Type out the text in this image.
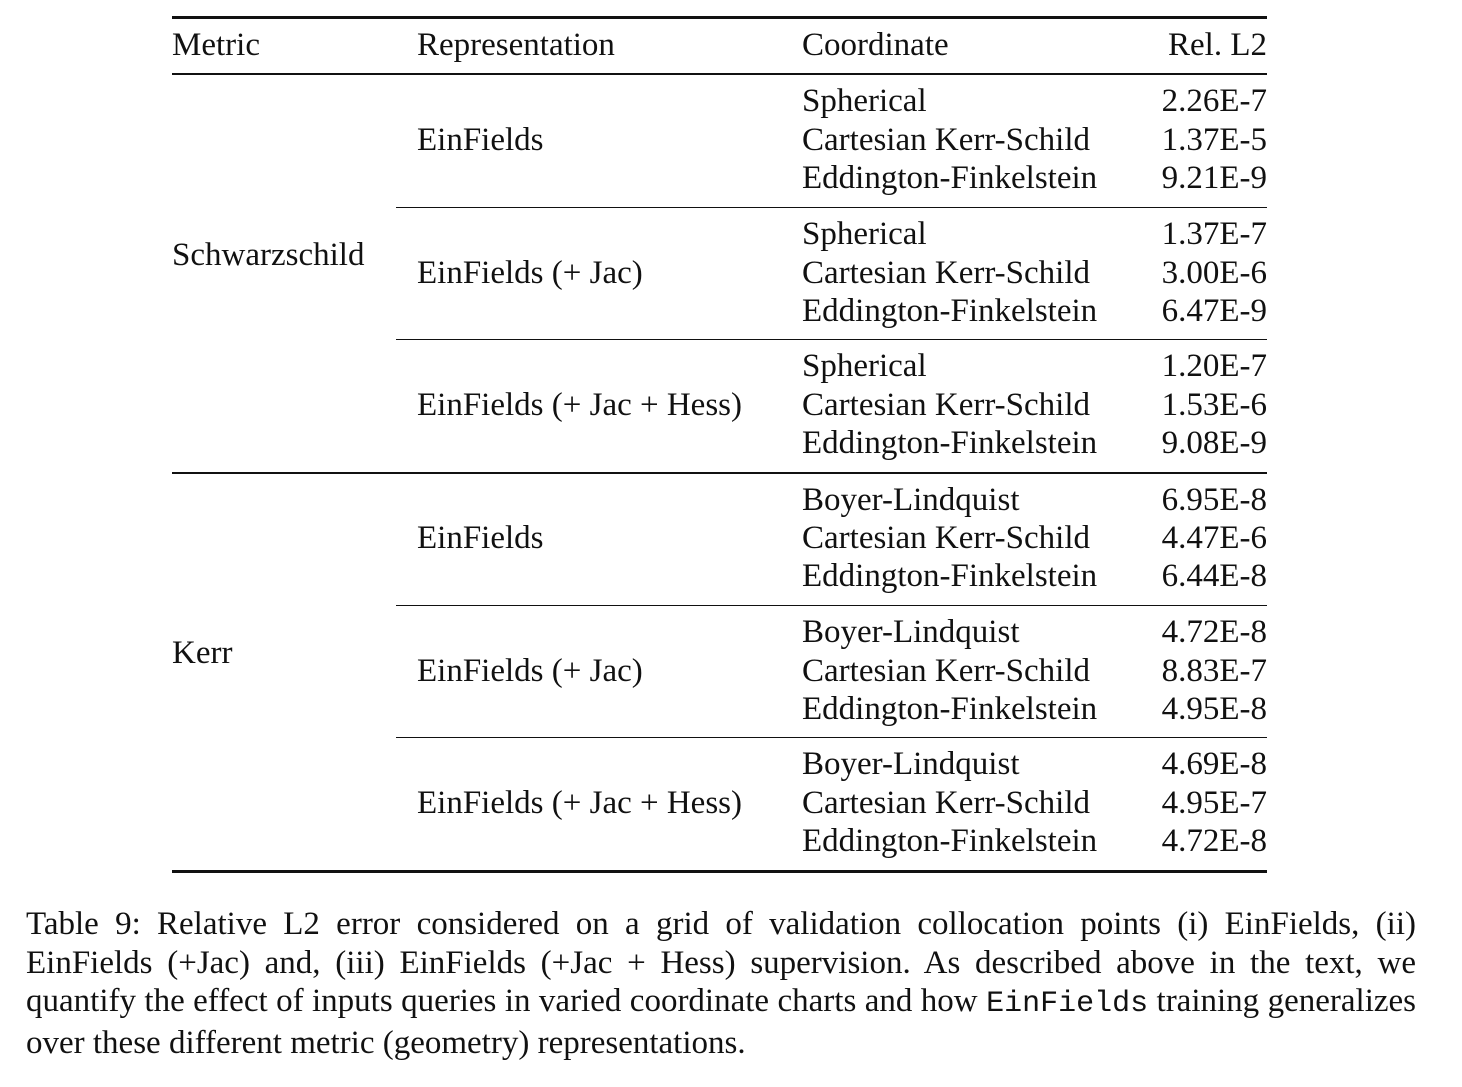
Metric	Representation	Coordinate	Rel. L2
Schwarzschild
EinFields
Spherical	2.26E-7
Cartesian Kerr-Schild 1.37E-5
Eddington-Finkelstein 9.21E-9
EinFields (+ Jac)
Spherical	1.37E-7
Cartesian Kerr-Schild 3.00E-6
Eddington-Finkelstein 6.47E-9
EinFields (+ Jac + Hess)
Spherical	1.20E-7
Cartesian Kerr-Schild 1.53E-6
Eddington-Finkelstein 9.08E-9
Kerr
EinFields
Boyer-Lindquist	6.95E-8
Cartesian Kerr-Schild 4.47E-6
Eddington-Finkelstein 6.44E-8
EinFields (+ Jac)
Boyer-Lindquist	4.72E-8
Cartesian Kerr-Schild 8.83E-7
Eddington-Finkelstein 4.95E-8
EinFields (+ Jac + Hess)
Boyer-Lindquist	4.69E-8
Cartesian Kerr-Schild 4.95E-7
Eddington-Finkelstein 4.72E-8
Table 9: Relative L2 error considered on a grid of validation collocation points (i) EinFields, (ii) EinFields (+Jac) and, (iii) EinFields (+Jac + Hess) supervision. As described above in the text, we quantify the effect of inputs queries in varied coordinate charts and how EinFields training generalizes over these different metric (geometry) representations.
